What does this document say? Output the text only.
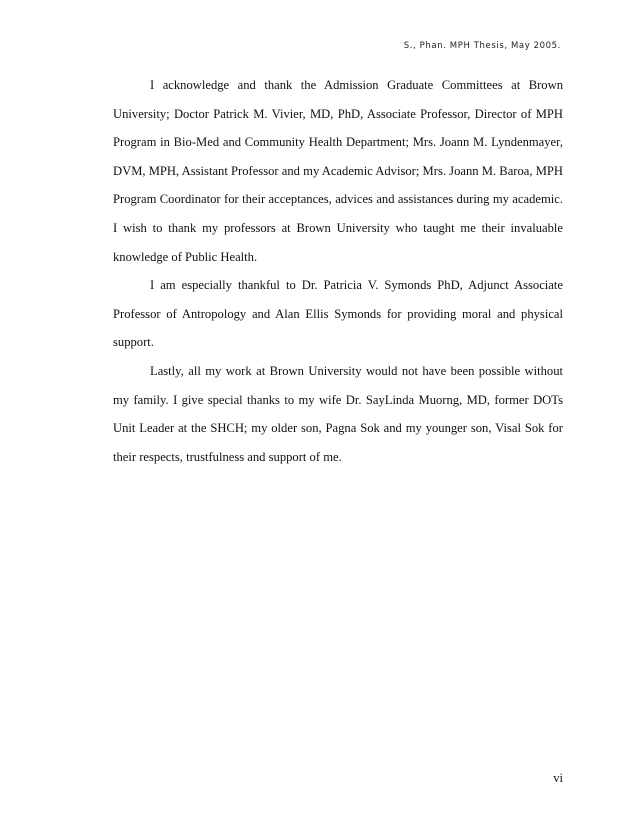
S., Phan. MPH Thesis, May 2005.

I acknowledge and thank the Admission Graduate Committees at Brown University; Doctor Patrick M. Vivier, MD, PhD, Associate Professor, Director of MPH Program in Bio-Med and Community Health Department; Mrs. Joann M. Lyndenmayer, DVM, MPH, Assistant Professor and my Academic Advisor; Mrs. Joann M. Baroa, MPH Program Coordinator for their acceptances, advices and assistances during my academic. I wish to thank my professors at Brown University who taught me their invaluable knowledge of Public Health.

I am especially thankful to Dr. Patricia V. Symonds PhD, Adjunct Associate Professor of Antropology and Alan Ellis Symonds for providing moral and physical support.

Lastly, all my work at Brown University would not have been possible without my family. I give special thanks to my wife Dr. SayLinda Muorng, MD, former DOTs Unit Leader at the SHCH; my older son, Pagna Sok and my younger son, Visal Sok for their respects, trustfulness and support of me.

vi
